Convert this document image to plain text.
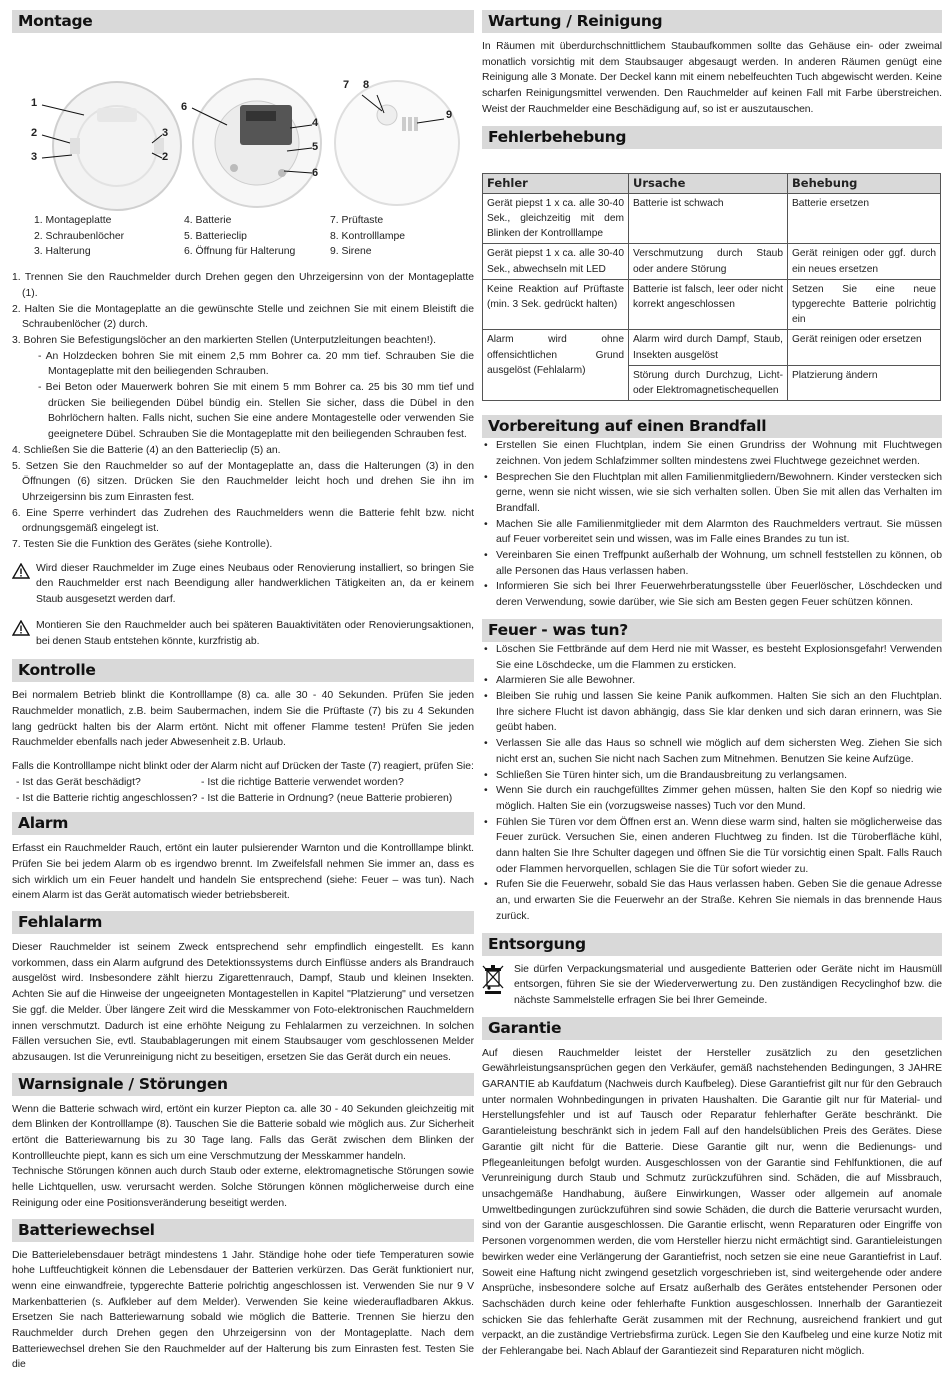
Montage
1
2
3
3
2
6
4
5
6
7 8
9
1. Montageplatte
2. Schraubenlöcher
3. Halterung
4. Batterie
5. Batterieclip
6. Öffnung für Halterung
7. Prüftaste
8. Kontrolllampe
9. Sirene
1. Trennen Sie den Rauchmelder durch Drehen gegen den Uhrzeigersinn von der Montageplatte (1).
2. Halten Sie die Montageplatte an die gewünschte Stelle und zeichnen Sie mit einem Bleistift die Schraubenlöcher (2) durch.
3. Bohren Sie Befestigungslöcher an den markierten Stellen (Unterputzleitungen beachten!).
- An Holzdecken bohren Sie mit einem 2,5 mm Bohrer ca. 20 mm tief. Schrauben Sie die Montageplatte mit den beiliegenden Schrauben.
- Bei Beton oder Mauerwerk bohren Sie mit einem 5 mm Bohrer ca. 25 bis 30 mm tief und drücken Sie beiliegenden Dübel bündig ein. Stellen Sie sicher, dass die Dübel in den Bohrlöchern halten. Falls nicht, suchen Sie eine andere Montagestelle oder verwenden Sie geeignetere Dübel. Schrauben Sie die Montageplatte mit den beiliegenden Schrauben fest.
4. Schließen Sie die Batterie (4) an den Batterieclip (5) an.
5. Setzen Sie den Rauchmelder so auf der Montageplatte an, dass die Halterungen (3) in den Öffnungen (6) sitzen. Drücken Sie den Rauchmelder leicht hoch und drehen Sie ihn im Uhrzeigersinn bis zum Einrasten fest.
6. Eine Sperre verhindert das Zudrehen des Rauchmelders wenn die Batterie fehlt bzw. nicht ordnungsgemäß eingelegt ist.
7. Testen Sie die Funktion des Gerätes (siehe Kontrolle).

Wird dieser Rauchmelder im Zuge eines Neubaus oder Renovierung installiert, so bringen Sie den Rauchmelder erst nach Beendigung aller handwerklichen Tätigkeiten an, da er keinem Staub ausgesetzt werden darf.

Montieren Sie den Rauchmelder auch bei späteren Bauaktivitäten oder Renovierungsaktionen, bei denen Staub entstehen könnte, kurzfristig ab.

Kontrolle

Bei normalem Betrieb blinkt die Kontrolllampe (8) ca. alle 30 - 40 Sekunden. Prüfen Sie jeden Rauchmelder monatlich, z.B. beim Saubermachen, indem Sie die Prüftaste (7) bis zu 4 Sekunden lang gedrückt halten bis der Alarm ertönt. Nicht mit offener Flamme testen! Prüfen Sie jeden Rauchmelder ebenfalls nach jeder Abwesenheit z.B. Urlaub.

Falls die Kontrolllampe nicht blinkt oder der Alarm nicht auf Drücken der Taste (7) reagiert, prüfen Sie:

- Ist das Gerät beschädigt?	- Ist die richtige Batterie verwendet worden?
- Ist die Batterie richtig angeschlossen? - Ist die Batterie in Ordnung? (neue Batterie probieren)
Alarm

Erfasst ein Rauchmelder Rauch, ertönt ein lauter pulsierender Warnton und die Kontrolllampe blinkt. Prüfen Sie bei jedem Alarm ob es irgendwo brennt. Im Zweifelsfall nehmen Sie immer an, dass es sich wirklich um ein Feuer handelt und handeln Sie entsprechend (siehe: Feuer – was tun). Nach einem Alarm ist das Gerät automatisch wieder betriebsbereit.

Fehlalarm

Dieser Rauchmelder ist seinem Zweck entsprechend sehr empfindlich eingestellt. Es kann vorkommen, dass ein Alarm aufgrund des Detektionssystems durch Einflüsse anders als Brandrauch ausgelöst wird. Insbesondere zählt hierzu Zigarettenrauch, Dampf, Staub und kleinen Insekten. Achten Sie auf die Hinweise der ungeeigneten Montagestellen in Kapitel "Platzierung" und versetzen Sie ggf. die Melder. Über längere Zeit wird die Messkammer von Foto-elektronischen Rauchmeldern innen verschmutzt. Dadurch ist eine erhöhte Neigung zu Fehlalarmen zu verzeichnen. In solchen Fällen versuchen Sie, evtl. Staubablagerungen mit einem Staubsauger vom geschlossenen Melder abzusaugen. Ist die Verunreinigung nicht zu beseitigen, ersetzen Sie das Gerät durch ein neues.

Warnsignale / Störungen

Wenn die Batterie schwach wird, ertönt ein kurzer Piepton ca. alle 30 - 40 Sekunden gleichzeitig mit dem Blinken der Kontrolllampe (8). Tauschen Sie die Batterie sobald wie möglich aus. Zur Sicherheit ertönt die Batteriewarnung bis zu 30 Tage lang. Falls das Gerät zwischen dem Blinken der Kontrollleuchte piept, kann es sich um eine Verschmutzung der Messkammer handeln.

Technische Störungen können auch durch Staub oder externe, elektromagnetische Störungen sowie helle Lichtquellen, usw. verursacht werden. Solche Störungen können möglicherweise durch eine Reinigung oder eine Positionsveränderung beseitigt werden.

Batteriewechsel

Die Batterielebensdauer beträgt mindestens 1 Jahr. Ständige hohe oder tiefe Temperaturen sowie hohe Luftfeuchtigkeit können die Lebensdauer der Batterien verkürzen. Das Gerät funktioniert nur, wenn eine einwandfreie, typgerechte Batterie polrichtig angeschlossen ist. Verwenden Sie nur 9 V Markenbatterien (s. Aufkleber auf dem Melder). Verwenden Sie keine wiederaufladbaren Akkus. Ersetzen Sie nach Batteriewarnung sobald wie möglich die Batterie. Trennen Sie hierzu den Rauchmelder durch Drehen gegen den Uhrzeigersinn von der Montageplatte. Nach dem Batteriewechsel drehen Sie den Rauchmelder auf der Halterung bis zum Einrasten fest. Testen Sie die

Wartung / Reinigung

In Räumen mit überdurchschnittlichem Staubaufkommen sollte das Gehäuse ein- oder zweimal monatlich vorsichtig mit dem Staubsauger abgesaugt werden. In anderen Räumen genügt eine Reinigung alle 3 Monate. Der Deckel kann mit einem nebelfeuchten Tuch abgewischt werden. Keine scharfen Reinigungsmittel verwenden. Den Rauchmelder auf keinen Fall mit Farbe überstreichen. Weist der Rauchmelder eine Beschädigung auf, so ist er auszutauschen.

Fehlerbehebung
Fehler	Ursache	Behebung
Gerät piepst 1 x ca. alle 30-40 Sek., gleichzeitig mit dem Blinken der Kontrolllampe	Batterie ist schwach	Batterie ersetzen
Gerät piepst 1 x ca. alle 30-40 Sek., abwechseln mit LED	Verschmutzung durch Staub oder andere Störung	Gerät reinigen oder ggf. durch ein neues ersetzen
Keine Reaktion auf Prüftaste (min. 3 Sek. gedrückt halten)	Batterie ist falsch, leer oder nicht korrekt angeschlossen	Setzen Sie eine neue typgerechte Batterie polrichtig ein
Alarm wird ohne offensichtlichen Grund ausgelöst (Fehlalarm)	Alarm wird durch Dampf, Staub, Insekten ausgelöst	Gerät reinigen oder ersetzen
	Störung durch Durchzug, Licht- oder Elektromagnetischequellen	Platzierung ändern
Vorbereitung auf einen Brandfall
• Erstellen Sie einen Fluchtplan, indem Sie einen Grundriss der Wohnung mit Fluchtwegen zeichnen. Von jedem Schlafzimmer sollten mindestens zwei Fluchtwege gezeichnet werden.
• Besprechen Sie den Fluchtplan mit allen Familienmitgliedern/Bewohnern. Kinder verstecken sich gerne, wenn sie nicht wissen, wie sie sich verhalten sollen. Üben Sie mit allen das Verhalten im Brandfall.
• Machen Sie alle Familienmitglieder mit dem Alarmton des Rauchmelders vertraut. Sie müssen auf Feuer vorbereitet sein und wissen, was im Falle eines Brandes zu tun ist.
• Vereinbaren Sie einen Treffpunkt außerhalb der Wohnung, um schnell feststellen zu können, ob alle Personen das Haus verlassen haben.
• Informieren Sie sich bei Ihrer Feuerwehrberatungsstelle über Feuerlöscher, Löschdecken und deren Verwendung, sowie darüber, wie Sie sich am Besten gegen Feuer schützen können.
Feuer - was tun?
• Löschen Sie Fettbrände auf dem Herd nie mit Wasser, es besteht Explosionsgefahr! Verwenden Sie eine Löschdecke, um die Flammen zu ersticken.
• Alarmieren Sie alle Bewohner.
• Bleiben Sie ruhig und lassen Sie keine Panik aufkommen. Halten Sie sich an den Fluchtplan. Ihre sichere Flucht ist davon abhängig, dass Sie klar denken und sich daran erinnern, was Sie geübt haben.
• Verlassen Sie alle das Haus so schnell wie möglich auf dem sichersten Weg. Ziehen Sie sich nicht erst an, suchen Sie nicht nach Sachen zum Mitnehmen. Benutzen Sie keine Aufzüge.
• Schließen Sie Türen hinter sich, um die Brandausbreitung zu verlangsamen.
• Wenn Sie durch ein rauchgefülltes Zimmer gehen müssen, halten Sie den Kopf so niedrig wie möglich. Halten Sie ein (vorzugsweise nasses) Tuch vor den Mund.
• Fühlen Sie Türen vor dem Öffnen erst an. Wenn diese warm sind, halten sie möglicherweise das Feuer zurück. Versuchen Sie, einen anderen Fluchtweg zu finden. Ist die Türoberfläche kühl, dann halten Sie Ihre Schulter dagegen und öffnen Sie die Tür vorsichtig einen Spalt. Falls Rauch oder Flammen hervorquellen, schlagen Sie die Tür sofort wieder zu.
• Rufen Sie die Feuerwehr, sobald Sie das Haus verlassen haben. Geben Sie die genaue Adresse an, und erwarten Sie die Feuerwehr an der Straße. Kehren Sie niemals in das brennende Haus zurück.
Entsorgung

Sie dürfen Verpackungsmaterial und ausgediente Batterien oder Geräte nicht im Hausmüll entsorgen, führen Sie sie der Wiederverwertung zu. Den zuständigen Recyclinghof bzw. die nächste Sammelstelle erfragen Sie bei Ihrer Gemeinde.

Garantie

Auf diesen Rauchmelder leistet der Hersteller zusätzlich zu den gesetzlichen Gewährleistungsansprüchen gegen den Verkäufer, gemäß nachstehenden Bedingungen, 3 JAHRE GARANTIE ab Kaufdatum (Nachweis durch Kaufbeleg). Diese Garantiefrist gilt nur für den Gebrauch unter normalen Wohnbedingungen in privaten Haushalten. Die Garantie gilt nur für Material- und Herstellungsfehler und ist auf Tausch oder Reparatur fehlerhafter Geräte beschränkt. Die Garantieleistung beschränkt sich in jedem Fall auf den handelsüblichen Preis des Gerätes. Diese Garantie gilt nicht für die Batterie. Diese Garantie gilt nur, wenn die Bedienungs- und Pflegeanleitungen befolgt wurden. Ausgeschlossen von der Garantie sind Fehlfunktionen, die auf Verunreinigung durch Staub und Schmutz zurückzuführen sind. Schäden, die auf Missbrauch, unsachgemäße Handhabung, äußere Einwirkungen, Wasser oder allgemein auf anomale Umweltbedingungen zurückzuführen sind sowie Schäden, die durch die Batterie verursacht wurden, sind von der Garantie ausgeschlossen. Die Garantie erlischt, wenn Reparaturen oder Eingriffe von Personen vorgenommen werden, die vom Hersteller hierzu nicht ermächtigt sind. Garantieleistungen bewirken weder eine Verlängerung der Garantiefrist, noch setzen sie eine neue Garantiefrist in Lauf. Soweit eine Haftung nicht zwingend gesetzlich vorgeschrieben ist, sind weitergehende oder andere Ansprüche, insbesondere solche auf Ersatz außerhalb des Gerätes entstehender Personen oder Sachschäden durch keine oder fehlerhafte Funktion ausgeschlossen. Innerhalb der Garantiezeit schicken Sie das fehlerhafte Gerät zusammen mit der Rechnung, ausreichend frankiert und gut verpackt, an die zuständige Vertriebsfirma zurück. Legen Sie den Kaufbeleg und eine kurze Notiz mit der Fehlerangabe bei. Nach Ablauf der Garantiezeit sind Reparaturen nicht möglich.
